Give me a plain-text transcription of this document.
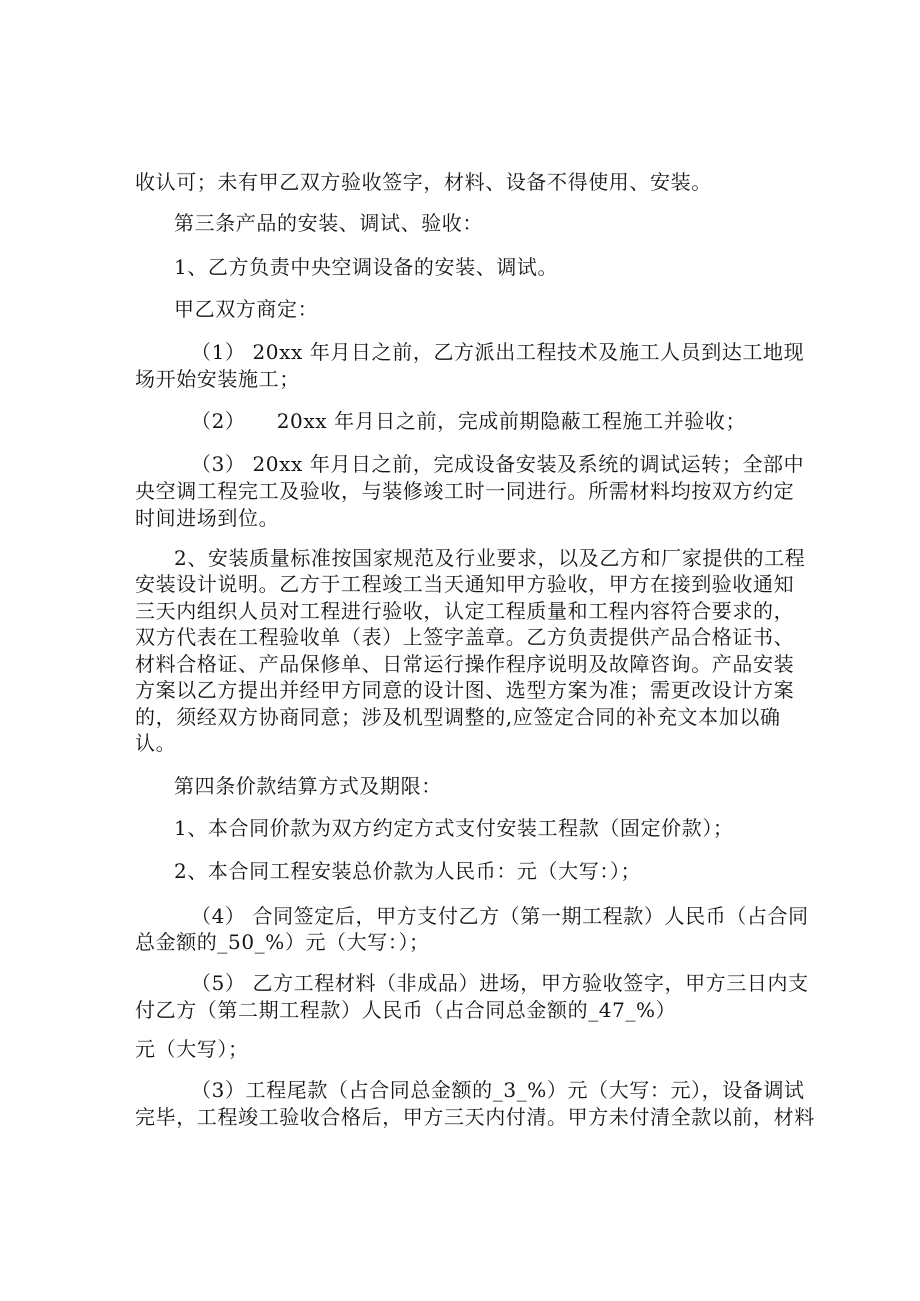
收认可；未有甲乙双方验收签字，材料、设备不得使用、安装。
第三条产品的安装、调试、验收：
1、乙方负责中央空调设备的安装、调试。
甲乙双方商定：
（1） 20xx 年月日之前，乙方派出工程技术及施工人员到达工地现
场开始安装施工；
（2）　　20xx 年月日之前，完成前期隐蔽工程施工并验收；
（3） 20xx 年月日之前，完成设备安装及系统的调试运转；全部中
央空调工程完工及验收，与装修竣工时一同进行。所需材料均按双方约定
时间进场到位。
2、安装质量标准按国家规范及行业要求，以及乙方和厂家提供的工程
安装设计说明。乙方于工程竣工当天通知甲方验收，甲方在接到验收通知
三天内组织人员对工程进行验收，认定工程质量和工程内容符合要求的，
双方代表在工程验收单（表）上签字盖章。乙方负责提供产品合格证书、
材料合格证、产品保修单、日常运行操作程序说明及故障咨询。产品安装
方案以乙方提出并经甲方同意的设计图、选型方案为准；需更改设计方案
的，须经双方协商同意；涉及机型调整的,应签定合同的补充文本加以确
认。
第四条价款结算方式及期限：
1、本合同价款为双方约定方式支付安装工程款（固定价款）；
2、本合同工程安装总价款为人民币：元（大写：）；
（4） 合同签定后，甲方支付乙方（第一期工程款）人民币（占合同
总金额的_50_%）元（大写：）；
（5） 乙方工程材料（非成品）进场，甲方验收签字，甲方三日内支
付乙方（第二期工程款）人民币（占合同总金额的_47_%）
元（大写）；
（3）工程尾款（占合同总金额的_3_%）元（大写：元），设备调试
完毕，工程竣工验收合格后，甲方三天内付清。甲方未付清全款以前，材料
